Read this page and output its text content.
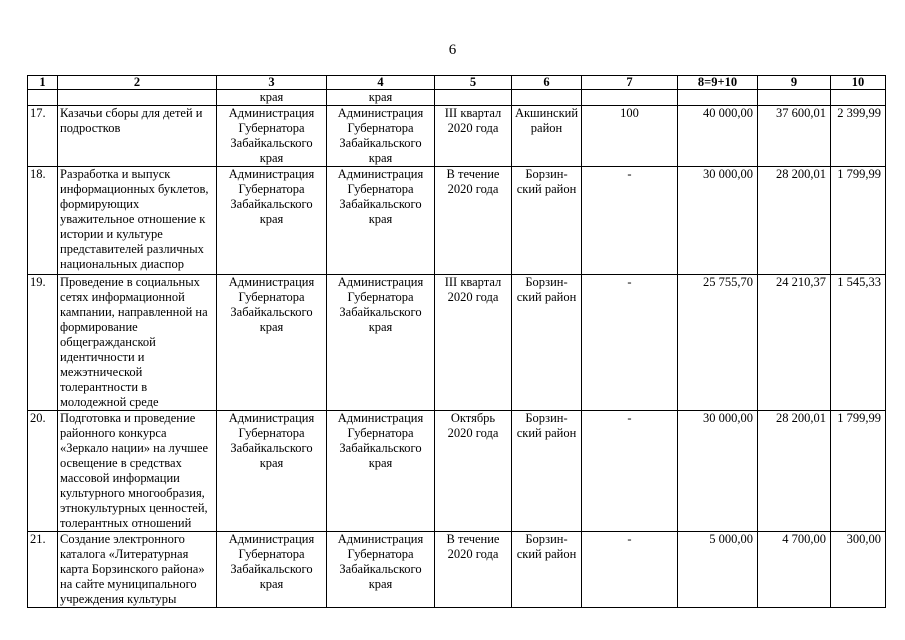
6
1	2	3	4	5	6	7	8=9+10	9	10
		края	края						
17.	Казачьи сборы для детей и подростков	Администрация Губернатора Забайкальского края	Администрация Губернатора Забайкальского края	III квартал 2020 года	Акшинский район	100	40 000,00	37 600,01	2 399,99
18.	Разработка и выпуск информационных буклетов, формирующих уважительное отношение к истории и культуре представителей различных национальных диаспор	Администрация Губернатора Забайкальского края	Администрация Губернатора Забайкальского края	В течение 2020 года	Борзин-ский район	-	30 000,00	28 200,01	1 799,99
19.	Проведение в социальных сетях информационной кампании, направленной на формирование общегражданской идентичности и межэтнической толерантности в молодежной среде	Администрация Губернатора Забайкальского края	Администрация Губернатора Забайкальского края	III квартал 2020 года	Борзин-ский район	-	25 755,70	24 210,37	1 545,33
20.	Подготовка и проведение районного конкурса «Зеркало нации» на лучшее освещение в средствах массовой информации культурного многообразия, этнокультурных ценностей, толерантных отношений	Администрация Губернатора Забайкальского края	Администрация Губернатора Забайкальского края	Октябрь 2020 года	Борзин-ский район	-	30 000,00	28 200,01	1 799,99
21.	Создание электронного каталога «Литературная карта Борзинского района» на сайте муниципального учреждения культуры	Администрация Губернатора Забайкальского края	Администрация Губернатора Забайкальского края	В течение 2020 года	Борзин-ский район	-	5 000,00	4 700,00	300,00
